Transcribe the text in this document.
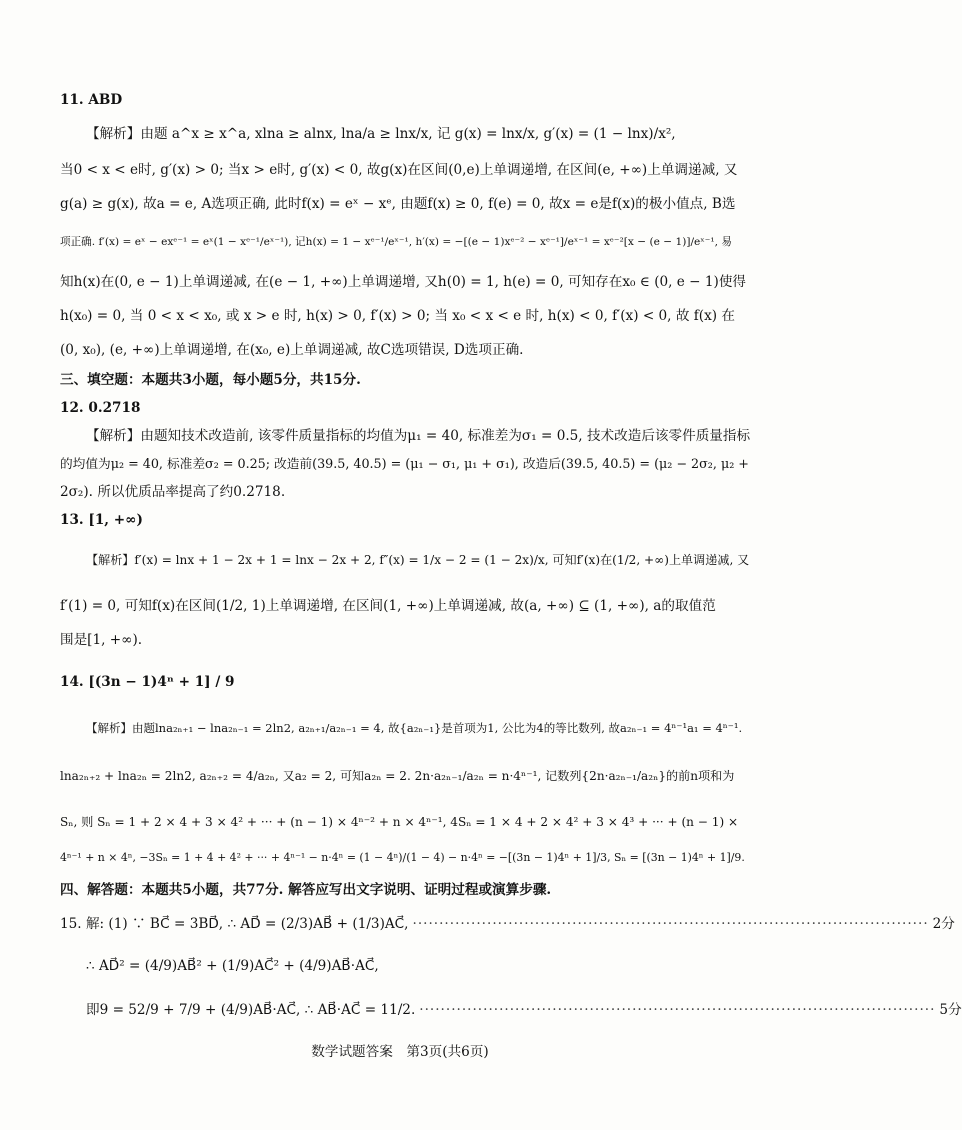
11. ABD
【解析】由题 a^x ≥ x^a, xlna ≥ alnx, lna/a ≥ lnx/x, 记 g(x) = lnx/x, g′(x) = (1 − lnx)/x²,
当0 < x < e时, g′(x) > 0; 当x > e时, g′(x) < 0, 故g(x)在区间(0,e)上单调递增, 在区间(e, +∞)上单调递减, 又
g(a) ≥ g(x), 故a = e, A选项正确, 此时f(x) = eˣ − xᵉ, 由题f(x) ≥ 0, f(e) = 0, 故x = e是f(x)的极小值点, B选
项正确. f′(x) = eˣ − exᵉ⁻¹ = eˣ(1 − xᵉ⁻¹/eˣ⁻¹), 记h(x) = 1 − xᵉ⁻¹/eˣ⁻¹, h′(x) = −[(e − 1)xᵉ⁻² − xᵉ⁻¹]/eˣ⁻¹ = xᵉ⁻²[x − (e − 1)]/eˣ⁻¹, 易
知h(x)在(0, e − 1)上单调递减, 在(e − 1, +∞)上单调递增, 又h(0) = 1, h(e) = 0, 可知存在x₀ ∈ (0, e − 1)使得
h(x₀) = 0, 当 0 < x < x₀, 或 x > e 时, h(x) > 0, f′(x) > 0; 当 x₀ < x < e 时, h(x) < 0, f′(x) < 0, 故 f(x) 在
(0, x₀), (e, +∞)上单调递增, 在(x₀, e)上单调递减, 故C选项错误, D选项正确.
三、填空题：本题共3小题，每小题5分，共15分.
12. 0.2718
【解析】由题知技术改造前, 该零件质量指标的均值为μ₁ = 40, 标准差为σ₁ = 0.5, 技术改造后该零件质量指标
的均值为μ₂ = 40, 标准差σ₂ = 0.25; 改造前(39.5, 40.5) = (μ₁ − σ₁, μ₁ + σ₁), 改造后(39.5, 40.5) = (μ₂ − 2σ₂, μ₂ +
2σ₂). 所以优质品率提高了约0.2718.
13. [1, +∞)
【解析】f′(x) = lnx + 1 − 2x + 1 = lnx − 2x + 2, f″(x) = 1/x − 2 = (1 − 2x)/x, 可知f′(x)在(1/2, +∞)上单调递减, 又
f′(1) = 0, 可知f(x)在区间(1/2, 1)上单调递增, 在区间(1, +∞)上单调递减, 故(a, +∞) ⊆ (1, +∞), a的取值范
围是[1, +∞).
14. [(3n − 1)4ⁿ + 1] / 9
【解析】由题lna₂ₙ₊₁ − lna₂ₙ₋₁ = 2ln2, a₂ₙ₊₁/a₂ₙ₋₁ = 4, 故{a₂ₙ₋₁}是首项为1, 公比为4的等比数列, 故a₂ₙ₋₁ = 4ⁿ⁻¹a₁ = 4ⁿ⁻¹.
lna₂ₙ₊₂ + lna₂ₙ = 2ln2, a₂ₙ₊₂ = 4/a₂ₙ, 又a₂ = 2, 可知a₂ₙ = 2. 2n·a₂ₙ₋₁/a₂ₙ = n·4ⁿ⁻¹, 记数列{2n·a₂ₙ₋₁/a₂ₙ}的前n项和为
Sₙ, 则 Sₙ = 1 + 2 × 4 + 3 × 4² + ··· + (n − 1) × 4ⁿ⁻² + n × 4ⁿ⁻¹, 4Sₙ = 1 × 4 + 2 × 4² + 3 × 4³ + ··· + (n − 1) ×
4ⁿ⁻¹ + n × 4ⁿ, −3Sₙ = 1 + 4 + 4² + ··· + 4ⁿ⁻¹ − n·4ⁿ = (1 − 4ⁿ)/(1 − 4) − n·4ⁿ = −[(3n − 1)4ⁿ + 1]/3, Sₙ = [(3n − 1)4ⁿ + 1]/9.
四、解答题：本题共5小题，共77分. 解答应写出文字说明、证明过程或演算步骤.
15. 解: (1) ∵ BC⃗ = 3BD⃗, ∴ AD⃗ = (2/3)AB⃗ + (1/3)AC⃗, ································································································· 2分
∴ AD⃗² = (4/9)AB⃗² + (1/9)AC⃗² + (4/9)AB⃗·AC⃗,
即9 = 52/9 + 7/9 + (4/9)AB⃗·AC⃗, ∴ AB⃗·AC⃗ = 11/2. ································································································· 5分
数学试题答案　第3页(共6页)
